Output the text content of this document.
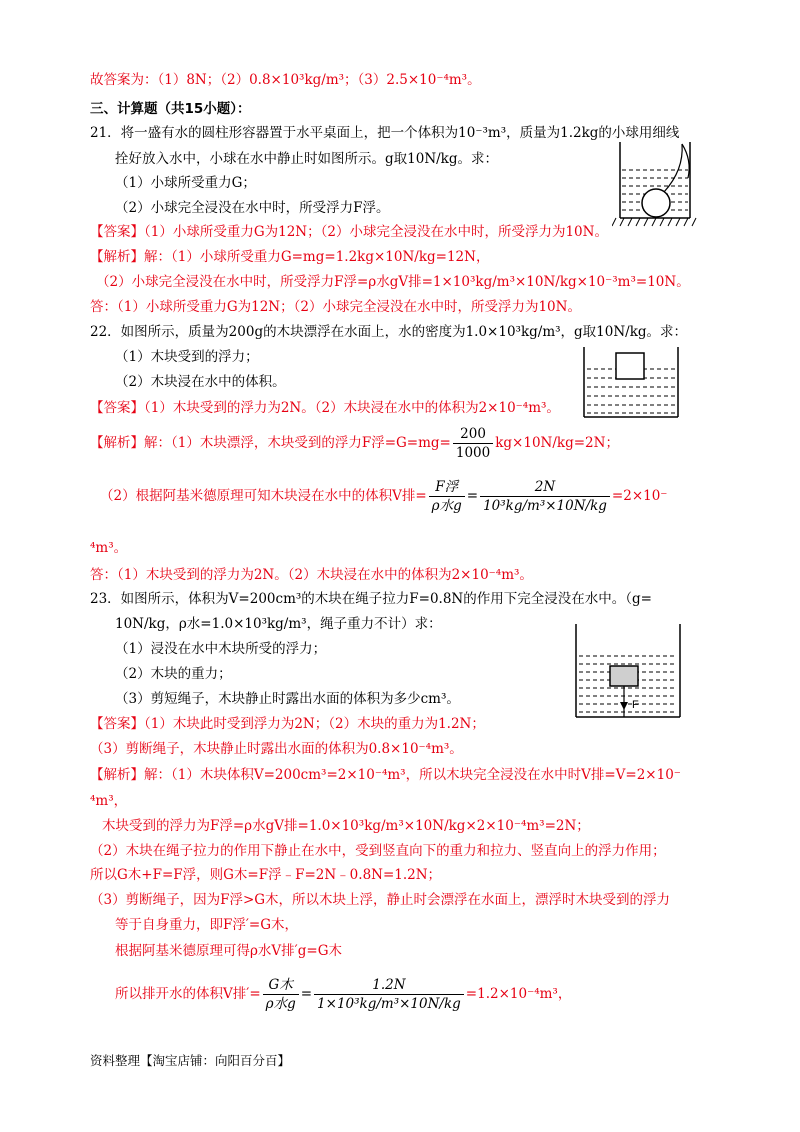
故答案为：（1）8N；（2）0.8×10³kg/m³；（3）2.5×10⁻⁴m³。
三、计算题（共15小题）：
21．将一盛有水的圆柱形容器置于水平桌面上，把一个体积为10⁻³m³，质量为1.2kg的小球用细线
拴好放入水中，小球在水中静止时如图所示。g取10N/kg。求：
（1）小球所受重力G；
（2）小球完全浸没在水中时，所受浮力F浮。
【答案】（1）小球所受重力G为12N；（2）小球完全浸没在水中时，所受浮力为10N。
【解析】解：（1）小球所受重力G=mg=1.2kg×10N/kg=12N，
（2）小球完全浸没在水中时，所受浮力F浮=ρ水gV排=1×10³kg/m³×10N/kg×10⁻³m³=10N。
答：（1）小球所受重力G为12N；（2）小球完全浸没在水中时，所受浮力为10N。
22．如图所示，质量为200g的木块漂浮在水面上，水的密度为1.0×10³kg/m³，g取10N/kg。求：
（1）木块受到的浮力；
（2）木块浸在水中的体积。
【答案】（1）木块受到的浮力为2N。（2）木块浸在水中的体积为2×10⁻⁴m³。
【解析】解：（1）木块漂浮，木块受到的浮力F浮$=G=mg= \frac{200}{1000} kg\times 10N/kg=2N$；
（2）根据阿基米德原理可知木块浸在水中的体积V排= $\frac{\text{F浮}}{\text{ρ水g}} = \frac{2N}{\text{10³kg/m³×10N/kg}} =2\times 10^-$
⁴m³。
答：（1）木块受到的浮力为2N。（2）木块浸在水中的体积为2×10⁻⁴m³。
23．如图所示，体积为V=200cm³的木块在绳子拉力F=0.8N的作用下完全浸没在水中。（g=
10N/kg，ρ水=1.0×10³kg/m³，绳子重力不计）求：
（1）浸没在水中木块所受的浮力；
（2）木块的重力；
（3）剪短绳子，木块静止时露出水面的体积为多少cm³。	F
【答案】（1）木块此时受到浮力为2N；（2）木块的重力为1.2N；
（3）剪断绳子，木块静止时露出水面的体积为0.8×10⁻⁴m³。
【解析】解：（1）木块体积V=200cm³=2×10⁻⁴m³，所以木块完全浸没在水中时V排=V=2×10⁻
⁴m³，
木块受到的浮力为F浮=ρ水gV排=1.0×10³kg/m³×10N/kg×2×10⁻⁴m³=2N；
（2）木块在绳子拉力的作用下静止在水中，受到竖直向下的重力和拉力、竖直向上的浮力作用；
所以G木+F=F浮，则G木=F浮﹣F=2N﹣0.8N=1.2N；
（3）剪断绳子，因为F浮>G木，所以木块上浮，静止时会漂浮在水面上，漂浮时木块受到的浮力
等于自身重力，即F浮′=G木，
根据阿基米德原理可得ρ水V排′g=G木
所以排开水的体积V排′= $\frac{\text{G木}}{\text{ρ水g}} = \frac{1.2N}{\text{1×10³kg/m³×10N/kg}} =1.2\times 10^{-4}m^3$，
资料整理【淘宝店铺：向阳百分百】
